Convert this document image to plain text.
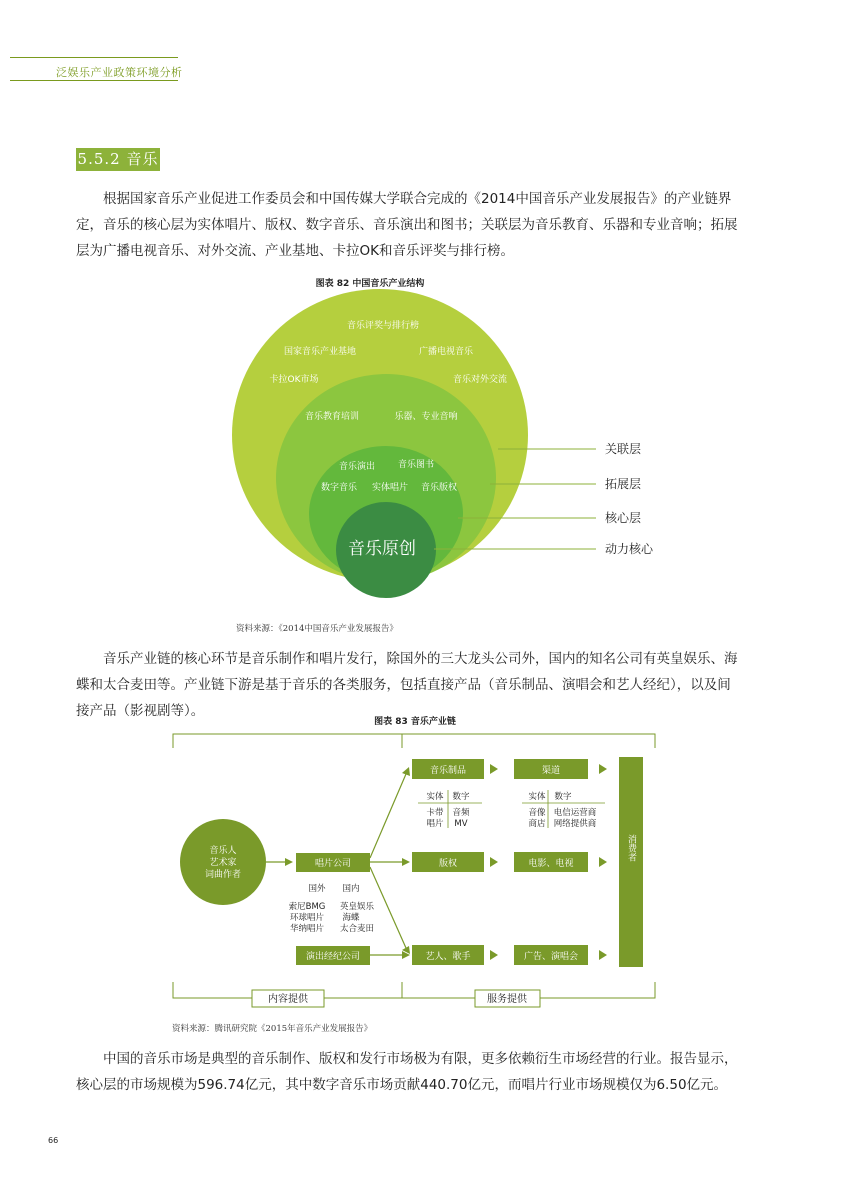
泛娱乐产业政策环境分析
5.5.2 音乐
根据国家音乐产业促进工作委员会和中国传媒大学联合完成的《2014中国音乐产业发展报告》的产业链界定，音乐的核心层为实体唱片、版权、数字音乐、音乐演出和图书；关联层为音乐教育、乐器和专业音响；拓展层为广播电视音乐、对外交流、产业基地、卡拉OK和音乐评奖与排行榜。
图表 82 中国音乐产业结构
音乐评奖与排行榜
国家音乐产业基地	广播电视音乐
卡拉OK市场	音乐对外交流
音乐教育培训	乐器、专业音响
音乐演出	音乐图书
数字音乐 实体唱片 音乐版权
音乐原创
关联层
拓展层
核心层
动力核心
资料来源：《2014中国音乐产业发展报告》
音乐产业链的核心环节是音乐制作和唱片发行，除国外的三大龙头公司外，国内的知名公司有英皇娱乐、海蝶和太合麦田等。产业链下游是基于音乐的各类服务，包括直接产品（音乐制品、演唱会和艺人经纪），以及间接产品（影视剧等）。
图表 83 音乐产业链
内容提供	服务提供
音乐人
艺术家
词曲作者
唱片公司
国外 国内
索尼BMG 英皇娱乐
环球唱片 海蝶
华纳唱片 太合麦田
演出经纪公司
音乐制品
版权
艺人、歌手
实体 数字
卡带 音频
唱片 MV
渠道
电影、电视
广告、演唱会
实体 数字
音像 电信运营商
商店 网络提供商
消费者
资料来源：腾讯研究院《2015年音乐产业发展报告》
中国的音乐市场是典型的音乐制作、版权和发行市场极为有限，更多依赖衍生市场经营的行业。报告显示，核心层的市场规模为596.74亿元，其中数字音乐市场贡献440.70亿元，而唱片行业市场规模仅为6.50亿元。
66
